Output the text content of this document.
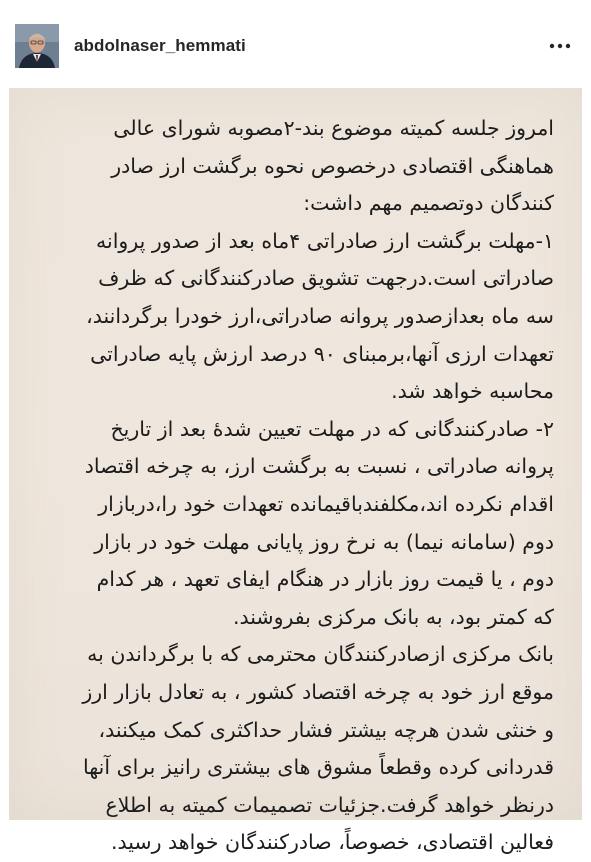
abdolnaser_hemmati
امروز جلسه کمیته موضوع بند-۲مصوبه شورای عالی
هماهنگی اقتصادی درخصوص نحوه برگشت ارز صادر
کنندگان دوتصمیم مهم داشت:
۱-مهلت برگشت ارز صادراتی ۴ماه بعد از صدور پروانه
صادراتی است.درجهت تشویق صادرکنندگانی که ظرف
سه ماه بعدازصدور پروانه صادراتی،ارز خودرا برگردانند،
تعهدات ارزی آنها،برمبنای ۹۰ درصد ارزش پایه صادراتی
محاسبه خواهد شد.
۲- صادرکنندگانی که در مهلت تعیین شدهٔ بعد از تاریخ
پروانه صادراتی ، نسبت به برگشت ارز، به چرخه اقتصاد
اقدام نکرده اند،مکلفندباقیمانده تعهدات خود را،دربازار
دوم (سامانه نیما) به نرخ روز پایانی مهلت خود در بازار
دوم ، یا قیمت روز بازار در هنگام ایفای تعهد ، هر کدام
که کمتر بود، به بانک مرکزی بفروشند.
بانک مرکزی ازصادرکنندگان محترمی که با برگرداندن به
موقع ارز خود به چرخه اقتصاد کشور ، به تعادل بازار ارز
و خنثی شدن هرچه بیشتر فشار حداکثری کمک میکنند،
قدردانی کرده وقطعاً مشوق های بیشتری رانیز برای آنها
درنظر خواهد گرفت.جزئیات تصمیمات کمیته به اطلاع
فعالین اقتصادی، خصوصاً، صادرکنندگان خواهد رسید.
